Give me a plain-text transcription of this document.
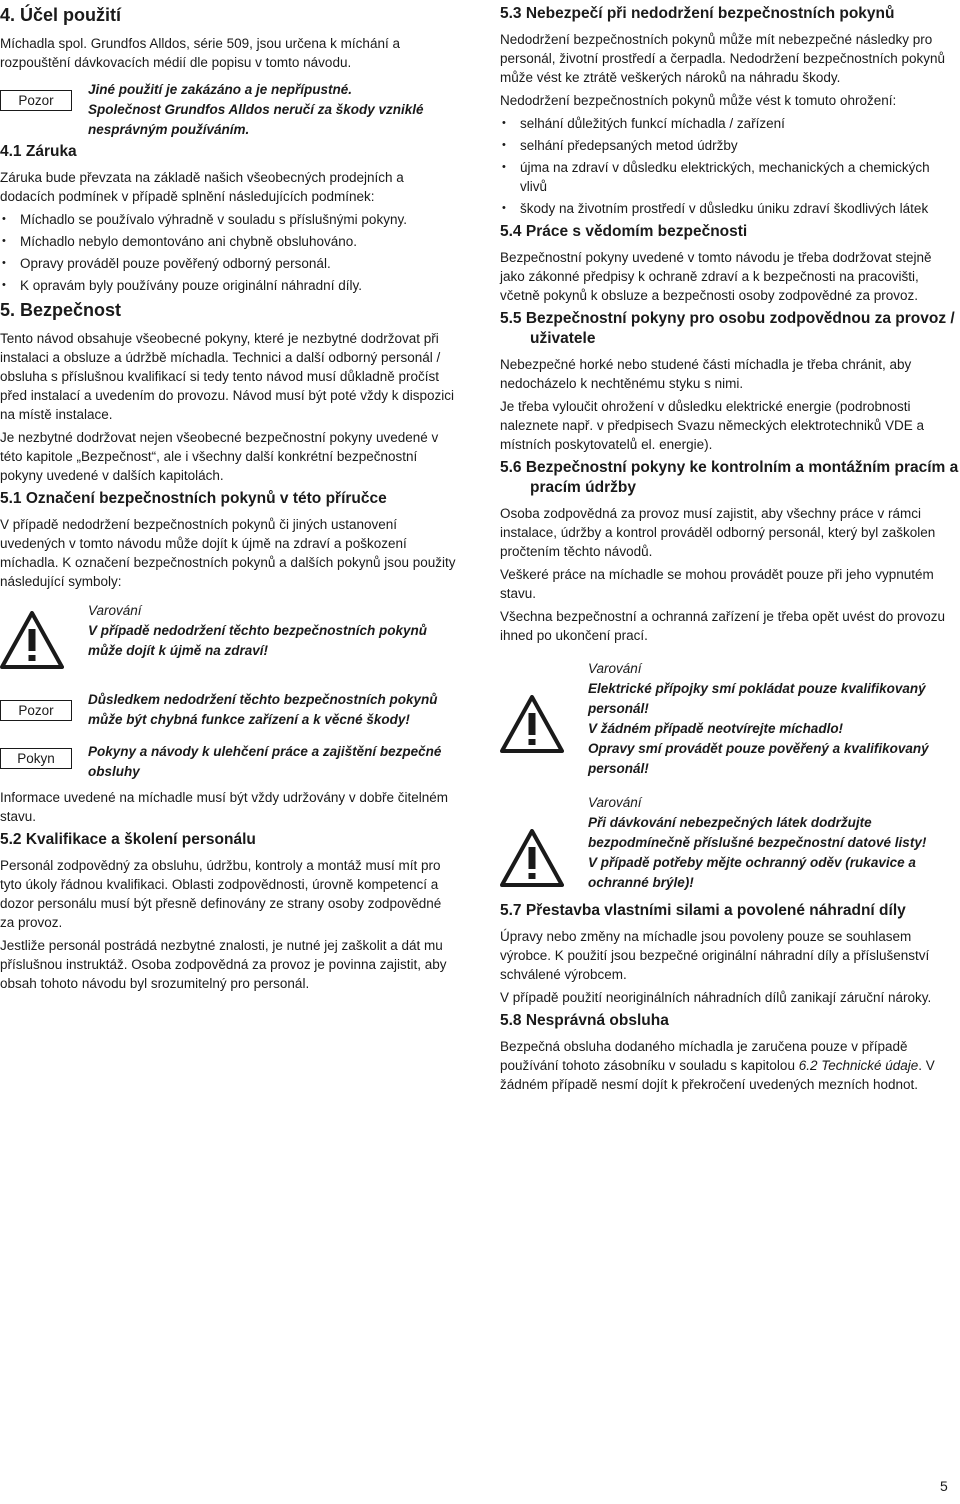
4. Účel použití

Míchadla spol. Grundfos Alldos, série 509, jsou určena k míchání a rozpouštění dávkovacích médií dle popisu v tomto návodu.

Pozor

Jiné použití je zakázáno a je nepřípustné.

Společnost Grundfos Alldos neručí za škody vzniklé nesprávným používáním.

4.1 Záruka

Záruka bude převzata na základě našich všeobecných prodejních a dodacích podmínek v případě splnění následujících podmínek:

• Míchadlo se používalo výhradně v souladu s příslušnými pokyny.
• Míchadlo nebylo demontováno ani chybně obsluhováno.
• Opravy prováděl pouze pověřený odborný personál.
• K opravám byly používány pouze originální náhradní díly.
5. Bezpečnost

Tento návod obsahuje všeobecné pokyny, které je nezbytné dodržovat při instalaci a obsluze a údržbě míchadla. Technici a další odborný personál / obsluha s příslušnou kvalifikací si tedy tento návod musí důkladně pročíst před instalací a uvedením do provozu. Návod musí být poté vždy k dispozici na místě instalace.

Je nezbytné dodržovat nejen všeobecné bezpečnostní pokyny uvedené v této kapitole „Bezpečnost“, ale i všechny další konkrétní bezpečnostní pokyny uvedené v dalších kapitolách.

5.1 Označení bezpečnostních pokynů v této příručce

V případě nedodržení bezpečnostních pokynů či jiných ustanovení uvedených v tomto návodu může dojít k újmě na zdraví a poškození míchadla. K označení bezpečnostních pokynů a dalších pokynů jsou použity následující symboly:

Varování

V případě nedodržení těchto bezpečnostních pokynů může dojít k újmě na zdraví!

Pozor

Důsledkem nedodržení těchto bezpečnostních pokynů může být chybná funkce zařízení a k věcné škody!

Pokyn	Pokyny a návody k ulehčení práce a zajištění bezpečné obsluhy

Informace uvedené na míchadle musí být vždy udržovány v dobře čitelném stavu.

5.2 Kvalifikace a školení personálu

Personál zodpovědný za obsluhu, údržbu, kontroly a montáž musí mít pro tyto úkoly řádnou kvalifikaci. Oblasti zodpovědnosti, úrovně kompetencí a dozor personálu musí být přesně definovány ze strany osoby zodpovědné za provoz.

Jestliže personál postrádá nezbytné znalosti, je nutné jej zaškolit a dát mu příslušnou instruktáž. Osoba zodpovědná za provoz je povinna zajistit, aby obsah tohoto návodu byl srozumitelný pro personál.

5.3 Nebezpečí při nedodržení bezpečnostních pokynů

Nedodržení bezpečnostních pokynů může mít nebezpečné následky pro personál, životní prostředí a čerpadla. Nedodržení bezpečnostních pokynů může vést ke ztrátě veškerých nároků na náhradu škody.

Nedodržení bezpečnostních pokynů může vést k tomuto ohrožení:

• selhání důležitých funkcí míchadla / zařízení
• selhání předepsaných metod údržby
• újma na zdraví v důsledku elektrických, mechanických a chemických vlivů
• škody na životním prostředí v důsledku úniku zdraví škodlivých látek
5.4 Práce s vědomím bezpečnosti

Bezpečnostní pokyny uvedené v tomto návodu je třeba dodržovat stejně jako zákonné předpisy k ochraně zdraví a k bezpečnosti na pracovišti, včetně pokynů k obsluze a bezpečnosti osoby zodpovědné za provoz.

5.5 Bezpečnostní pokyny pro osobu zodpovědnou za provoz / uživatele

Nebezpečné horké nebo studené části míchadla je třeba chránit, aby nedocházelo k nechtěnému styku s nimi.

Je třeba vyloučit ohrožení v důsledku elektrické energie (podrobnosti naleznete např. v předpisech Svazu německých elektrotechniků VDE a místních poskytovatelů el. energie).

5.6 Bezpečnostní pokyny ke kontrolním a montážním pracím a pracím údržby

Osoba zodpovědná za provoz musí zajistit, aby všechny práce v rámci instalace, údržby a kontrol prováděl odborný personál, který byl zaškolen pročtením těchto návodů.

Veškeré práce na míchadle se mohou provádět pouze při jeho vypnutém stavu.

Všechna bezpečnostní a ochranná zařízení je třeba opět uvést do provozu ihned po ukončení prací.

Varování

Elektrické přípojky smí pokládat pouze kvalifikovaný personál!

V žádném případě neotvírejte míchadlo!

Opravy smí provádět pouze pověřený a kvalifikovaný personál!

Varování

Při dávkování nebezpečných látek dodržujte bezpodmínečně příslušné bezpečnostní datové listy!

V případě potřeby mějte ochranný oděv (rukavice a ochranné brýle)!

5.7 Přestavba vlastními silami a povolené náhradní díly

Úpravy nebo změny na míchadle jsou povoleny pouze se souhlasem výrobce. K použití jsou bezpečné originální náhradní díly a příslušenství schválené výrobcem.

V případě použití neoriginálních náhradních dílů zanikají záruční nároky.

5.8 Nesprávná obsluha

Bezpečná obsluha dodaného míchadla je zaručena pouze v případě používání tohoto zásobníku v souladu s kapitolou 6.2 Technické údaje. V žádném případě nesmí dojít k překročení uvedených mezních hodnot.

5
